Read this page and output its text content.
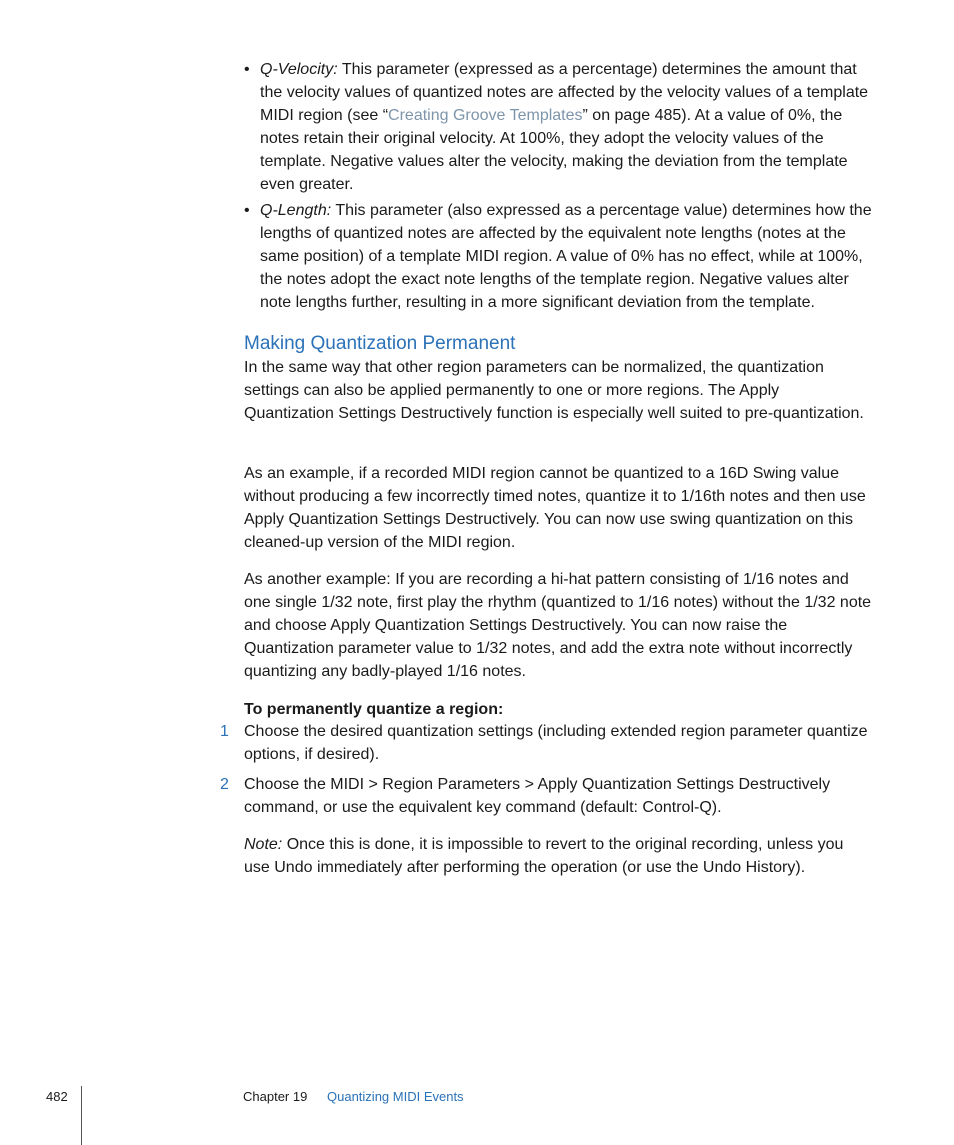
• Q-Velocity: This parameter (expressed as a percentage) determines the amount that the velocity values of quantized notes are affected by the velocity values of a template MIDI region (see “Creating Groove Templates” on page 485). At a value of 0%, the notes retain their original velocity. At 100%, they adopt the velocity values of the template. Negative values alter the velocity, making the deviation from the template even greater.

• Q-Length: This parameter (also expressed as a percentage value) determines how the lengths of quantized notes are affected by the equivalent note lengths (notes at the same position) of a template MIDI region. A value of 0% has no effect, while at 100%, the notes adopt the exact note lengths of the template region. Negative values alter note lengths further, resulting in a more significant deviation from the template.

Making Quantization Permanent

In the same way that other region parameters can be normalized, the quantization settings can also be applied permanently to one or more regions. The Apply Quantization Settings Destructively function is especially well suited to pre-quantization.

As an example, if a recorded MIDI region cannot be quantized to a 16D Swing value without producing a few incorrectly timed notes, quantize it to 1/16th notes and then use Apply Quantization Settings Destructively. You can now use swing quantization on this cleaned-up version of the MIDI region.

As another example: If you are recording a hi-hat pattern consisting of 1/16 notes and one single 1/32 note, first play the rhythm (quantized to 1/16 notes) without the 1/32 note and choose Apply Quantization Settings Destructively. You can now raise the Quantization parameter value to 1/32 notes, and add the extra note without incorrectly quantizing any badly-played 1/16 notes.

To permanently quantize a region:

1 Choose the desired quantization settings (including extended region parameter quantize options, if desired).

2 Choose the MIDI > Region Parameters > Apply Quantization Settings Destructively command, or use the equivalent key command (default: Control-Q).

Note: Once this is done, it is impossible to revert to the original recording, unless you use Undo immediately after performing the operation (or use the Undo History).

482	Chapter 19 Quantizing MIDI Events
